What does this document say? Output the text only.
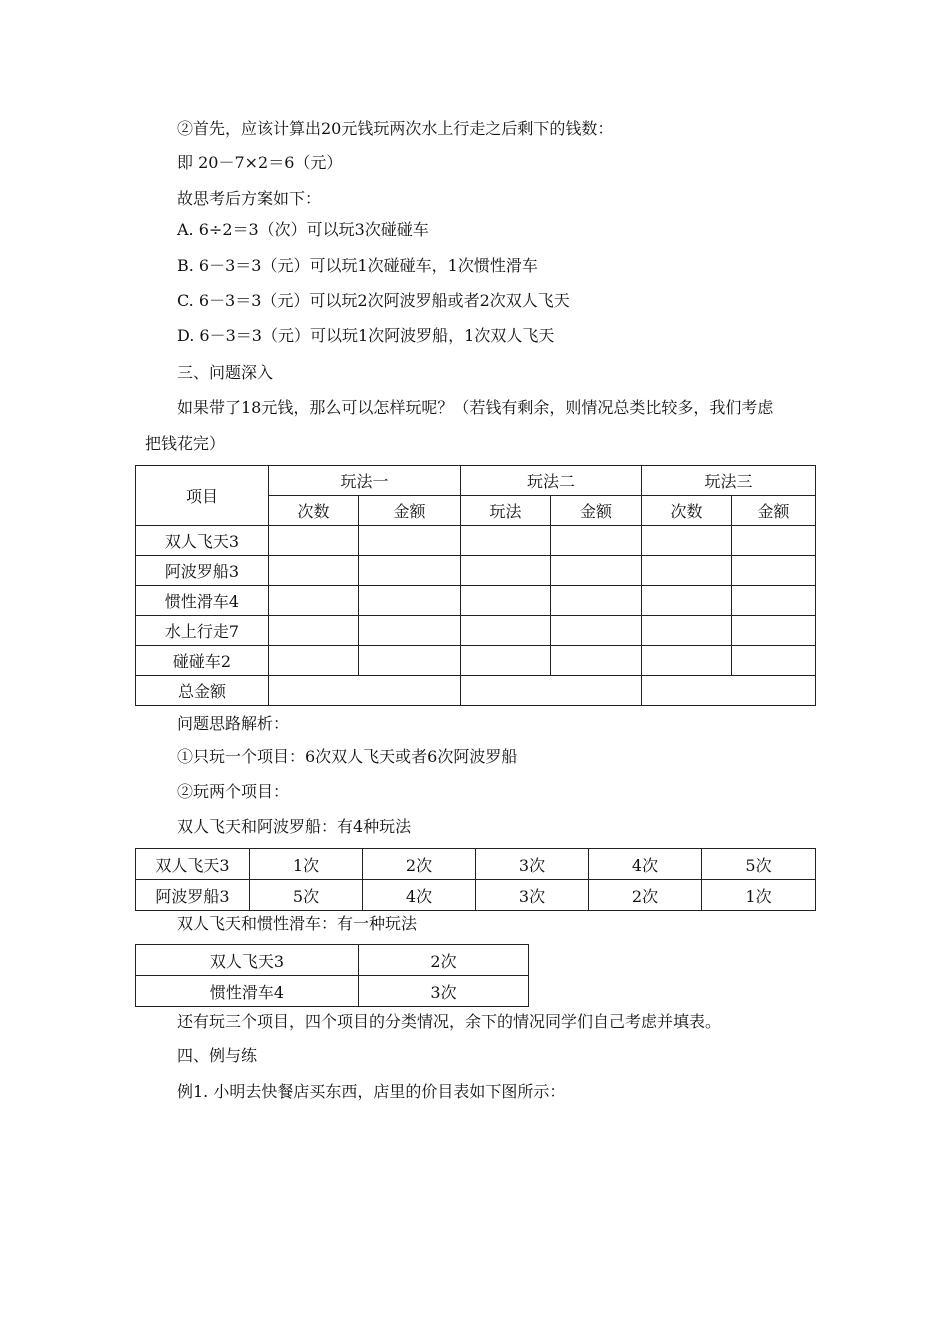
②首先，应该计算出20元钱玩两次水上行走之后剩下的钱数：
即 20－7×2＝6（元）
故思考后方案如下：
A. 6÷2＝3（次）可以玩3次碰碰车
B. 6－3＝3（元）可以玩1次碰碰车，1次惯性滑车
C. 6－3＝3（元）可以玩2次阿波罗船或者2次双人飞天
D. 6－3＝3（元）可以玩1次阿波罗船，1次双人飞天
三、问题深入
如果带了18元钱，那么可以怎样玩呢？（若钱有剩余，则情况总类比较多，我们考虑
把钱花完）
项目	玩法一		玩法二		玩法三	
	次数	金额	玩法	金额	次数	金额
双人飞天3						
阿波罗船3						
惯性滑车4						
水上行走7						
碰碰车2						
总金额						
问题思路解析：
①只玩一个项目：6次双人飞天或者6次阿波罗船
②玩两个项目：
双人飞天和阿波罗船：有4种玩法
双人飞天3	1次	2次	3次	4次	5次
阿波罗船3	5次	4次	3次	2次	1次
双人飞天和惯性滑车：有一种玩法
双人飞天3	2次
惯性滑车4	3次
还有玩三个项目，四个项目的分类情况，余下的情况同学们自己考虑并填表。
四、例与练
例1. 小明去快餐店买东西，店里的价目表如下图所示：
